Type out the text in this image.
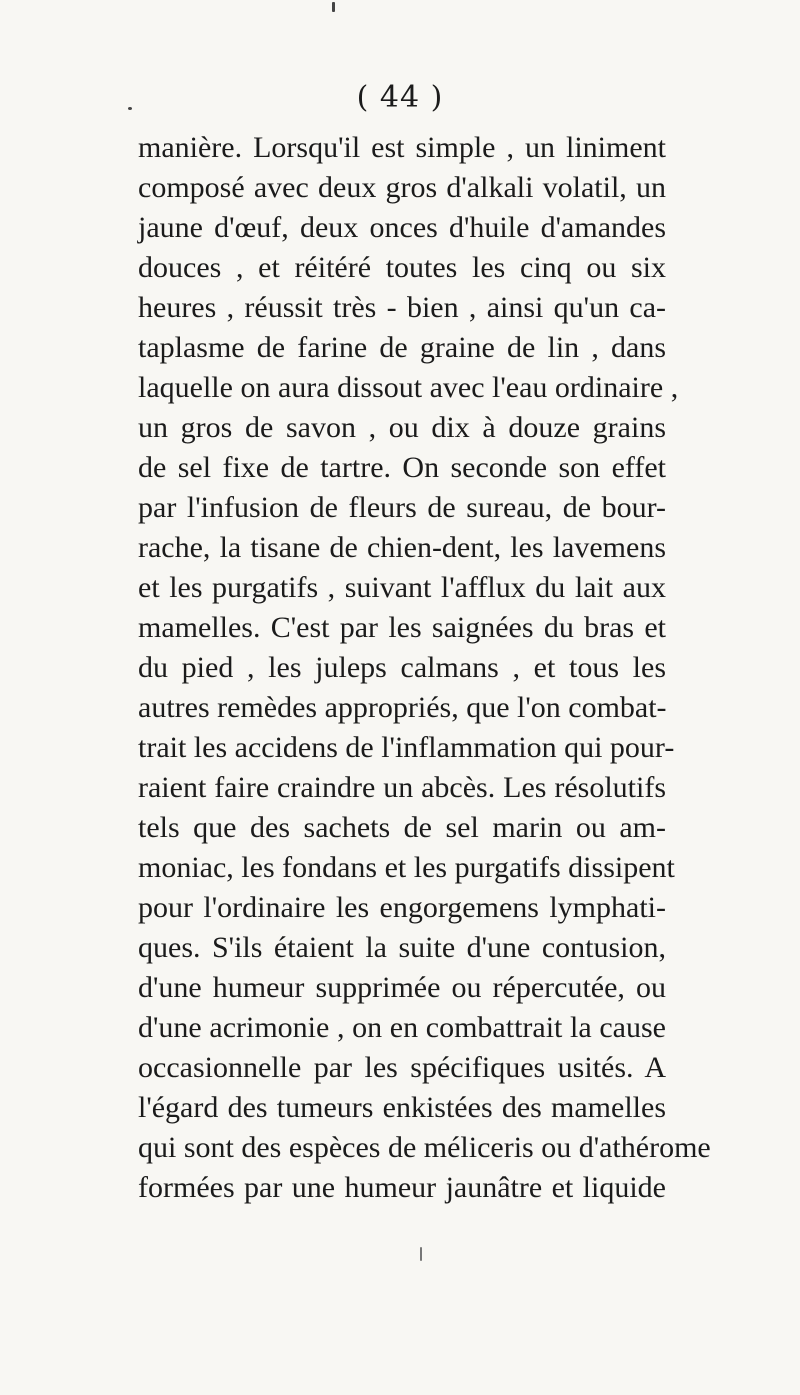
( 44 )
manière. Lorsqu'il est simple , un liniment
composé avec deux gros d'alkali volatil, un
jaune d'œuf, deux onces d'huile d'amandes
douces , et réitéré toutes les cinq ou six
heures , réussit très - bien , ainsi qu'un ca-
taplasme de farine de graine de lin , dans
laquelle on aura dissout avec l'eau ordinaire ,
un gros de savon , ou dix à douze grains
de sel fixe de tartre. On seconde son effet
par l'infusion de fleurs de sureau, de bour-
rache, la tisane de chien-dent, les lavemens
et les purgatifs , suivant l'afflux du lait aux
mamelles. C'est par les saignées du bras et
du pied , les juleps calmans , et tous les
autres remèdes appropriés, que l'on combat-
trait les accidens de l'inflammation qui pour-
raient faire craindre un abcès. Les résolutifs
tels que des sachets de sel marin ou am-
moniac, les fondans et les purgatifs dissipent
pour l'ordinaire les engorgemens lymphati-
ques. S'ils étaient la suite d'une contusion,
d'une humeur supprimée ou répercutée, ou
d'une acrimonie , on en combattrait la cause
occasionnelle par les spécifiques usités. A
l'égard des tumeurs enkistées des mamelles
qui sont des espèces de méliceris ou d'athérome
formées par une humeur jaunâtre et liquide
